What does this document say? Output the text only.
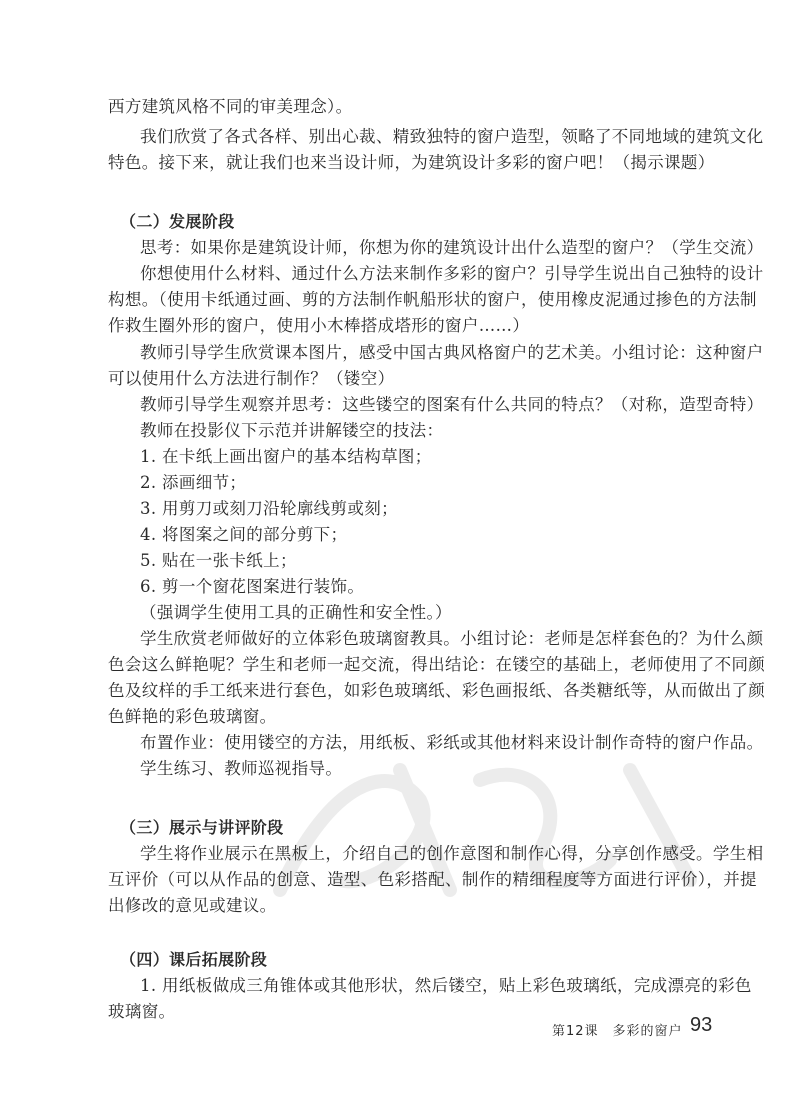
西方建筑风格不同的审美理念）。
我们欣赏了各式各样、别出心裁、精致独特的窗户造型，领略了不同地域的建筑文化
特色。接下来，就让我们也来当设计师，为建筑设计多彩的窗户吧！（揭示课题）
（二）发展阶段
思考：如果你是建筑设计师，你想为你的建筑设计出什么造型的窗户？（学生交流）
你想使用什么材料、通过什么方法来制作多彩的窗户？引导学生说出自己独特的设计
构想。（使用卡纸通过画、剪的方法制作帆船形状的窗户，使用橡皮泥通过掺色的方法制
作救生圈外形的窗户，使用小木棒搭成塔形的窗户……）
教师引导学生欣赏课本图片，感受中国古典风格窗户的艺术美。小组讨论：这种窗户
可以使用什么方法进行制作？（镂空）
教师引导学生观察并思考：这些镂空的图案有什么共同的特点？（对称，造型奇特）
教师在投影仪下示范并讲解镂空的技法：
1. 在卡纸上画出窗户的基本结构草图；
2. 添画细节；
3. 用剪刀或刻刀沿轮廓线剪或刻；
4. 将图案之间的部分剪下；
5. 贴在一张卡纸上；
6. 剪一个窗花图案进行装饰。
（强调学生使用工具的正确性和安全性。）
学生欣赏老师做好的立体彩色玻璃窗教具。小组讨论：老师是怎样套色的？为什么颜
色会这么鲜艳呢？学生和老师一起交流，得出结论：在镂空的基础上，老师使用了不同颜
色及纹样的手工纸来进行套色，如彩色玻璃纸、彩色画报纸、各类糖纸等，从而做出了颜
色鲜艳的彩色玻璃窗。
布置作业：使用镂空的方法，用纸板、彩纸或其他材料来设计制作奇特的窗户作品。
学生练习、教师巡视指导。
（三）展示与讲评阶段
学生将作业展示在黑板上，介绍自己的创作意图和制作心得，分享创作感受。学生相
互评价（可以从作品的创意、造型、色彩搭配、制作的精细程度等方面进行评价），并提
出修改的意见或建议。
（四）课后拓展阶段
1. 用纸板做成三角锥体或其他形状，然后镂空，贴上彩色玻璃纸，完成漂亮的彩色
玻璃窗。
第12课　多彩的窗户 93
